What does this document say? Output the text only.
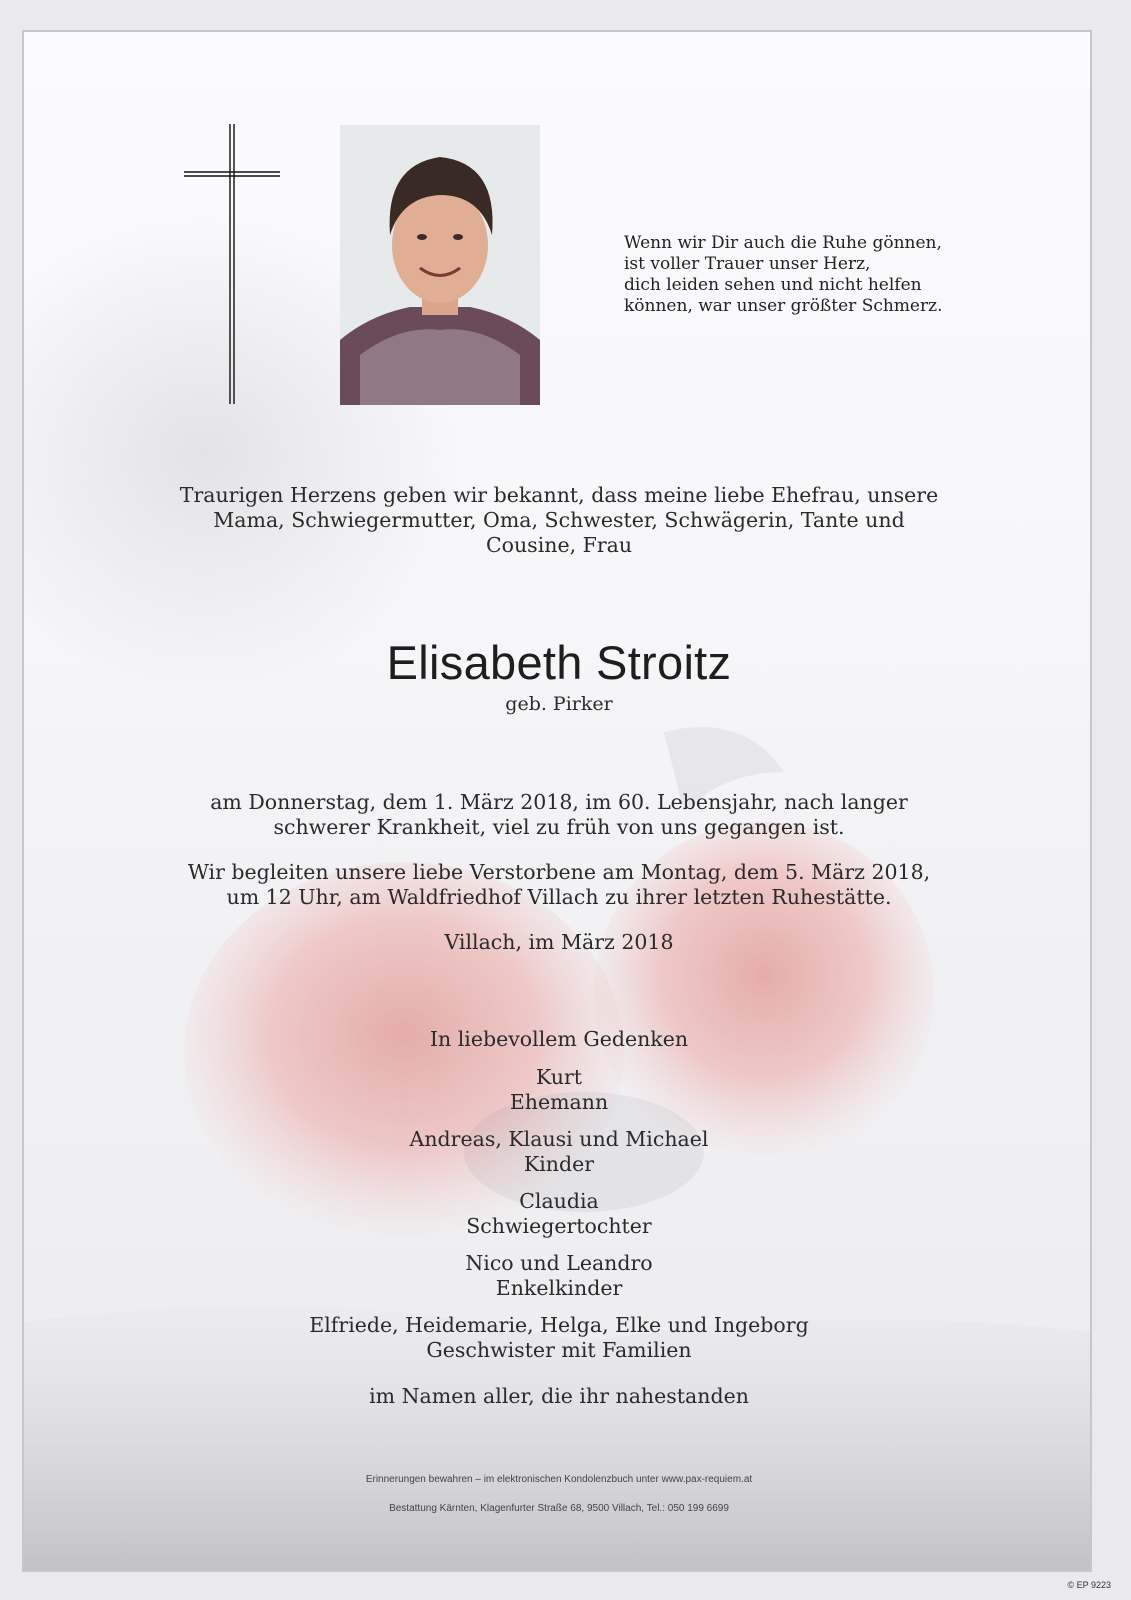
Wenn wir Dir auch die Ruhe gönnen,
ist voller Trauer unser Herz,
dich leiden sehen und nicht helfen
können, war unser größter Schmerz.
Traurigen Herzens geben wir bekannt, dass meine liebe Ehefrau, unsere
Mama, Schwiegermutter, Oma, Schwester, Schwägerin, Tante und
Cousine, Frau
Elisabeth Stroitz
geb. Pirker
am Donnerstag, dem 1. März 2018, im 60. Lebensjahr, nach langer
schwerer Krankheit, viel zu früh von uns gegangen ist.
Wir begleiten unsere liebe Verstorbene am Montag, dem 5. März 2018,
um 12 Uhr, am Waldfriedhof Villach zu ihrer letzten Ruhestätte.
Villach, im März 2018
In liebevollem Gedenken
Kurt
Ehemann
Andreas, Klausi und Michael
Kinder
Claudia
Schwiegertochter
Nico und Leandro
Enkelkinder
Elfriede, Heidemarie, Helga, Elke und Ingeborg
Geschwister mit Familien
im Namen aller, die ihr nahestanden
Erinnerungen bewahren – im elektronischen Kondolenzbuch unter www.pax-requiem.at
Bestattung Kärnten, Klagenfurter Straße 68, 9500 Villach, Tel.: 050 199 6699
© EP 9223
